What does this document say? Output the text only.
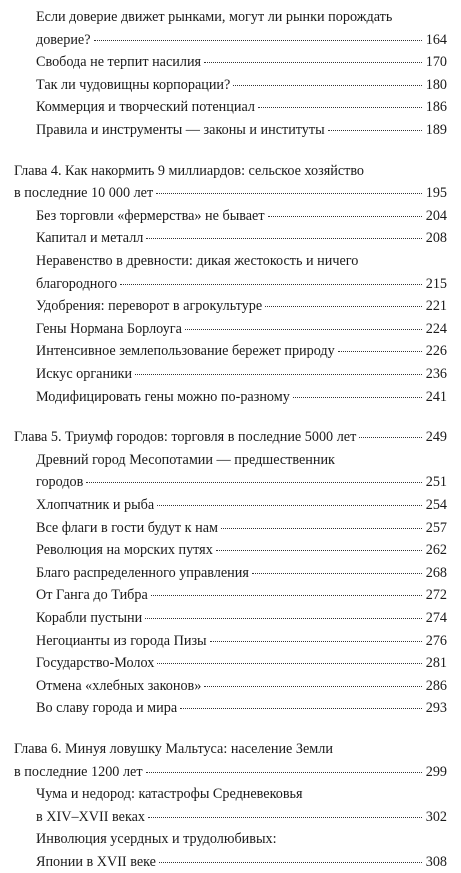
Если доверие движет рынками, могут ли рынки порождать
доверие?	164
Свобода не терпит насилия	170
Так ли чудовищны корпорации?	180
Коммерция и творческий потенциал	186
Правила и инструменты — законы и институты	189
Глава 4. Как накормить 9 миллиардов: сельское хозяйство
в последние 10 000 лет	195
Без торговли «фермерства» не бывает	204
Капитал и металл	208
Неравенство в древности: дикая жестокость и ничего
благородного	215
Удобрения: переворот в агрокультуре	221
Гены Нормана Борлоуга	224
Интенсивное землепользование бережет природу	226
Искус органики	236
Модифицировать гены можно по-разному	241
Глава 5. Триумф городов: торговля в последние 5000 лет	249
Древний город Месопотамии — предшественник
городов	251
Хлопчатник и рыба	254
Все флаги в гости будут к нам	257
Революция на морских путях	262
Благо распределенного управления	268
От Ганга до Тибра	272
Корабли пустыни	274
Негоцианты из города Пизы	276
Государство-Молох	281
Отмена «хлебных законов»	286
Во славу города и мира	293
Глава 6. Минуя ловушку Мальтуса: население Земли
в последние 1200 лет	299
Чума и недород: катастрофы Средневековья
в XIV–XVII веках	302
Инволюция усердных и трудолюбивых:
Японии в XVII веке	308
